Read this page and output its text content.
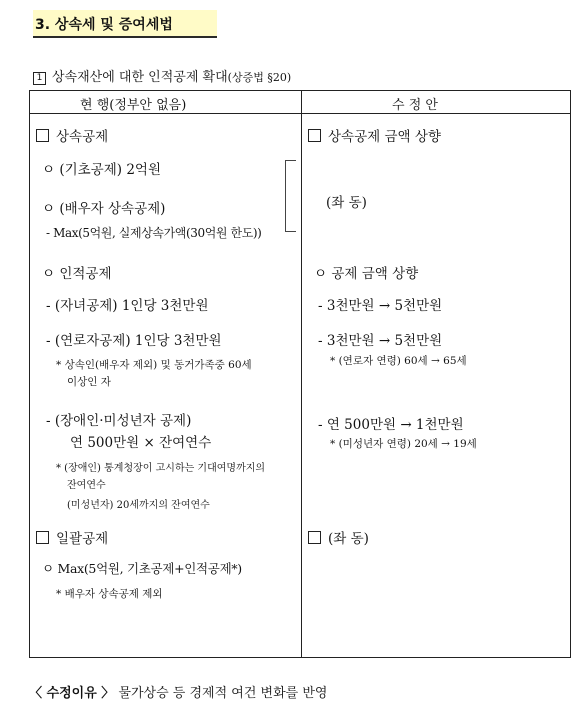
3. 상속세 및 증여세법
1 상속재산에 대한 인적공제 확대(상증법 §20)
현 행(정부안 없음)	수 정 안
상속공제
ㅇ (기초공제) 2억원
ㅇ (배우자 상속공제)
- Max(5억원, 실제상속가액(30억원 한도))
ㅇ 인적공제
- (자녀공제) 1인당 3천만원
- (연로자공제) 1인당 3천만원
* 상속인(배우자 제외) 및 동거가족중 60세
이상인 자
- (장애인·미성년자 공제)
연 500만원 × 잔여연수
* (장애인) 통계청장이 고시하는 기대여명까지의
잔여연수
(미성년자) 20세까지의 잔여연수
일괄공제
ㅇ Max(5억원, 기초공제+인적공제*)
* 배우자 상속공제 제외
상속공제 금액 상향
(좌 동)
ㅇ 공제 금액 상향
- 3천만원 → 5천만원
- 3천만원 → 5천만원
* (연로자 연령) 60세 → 65세
- 연 500만원 → 1천만원
* (미성년자 연령) 20세 → 19세
(좌 동)
〈 수정이유 〉 물가상승 등 경제적 여건 변화를 반영
